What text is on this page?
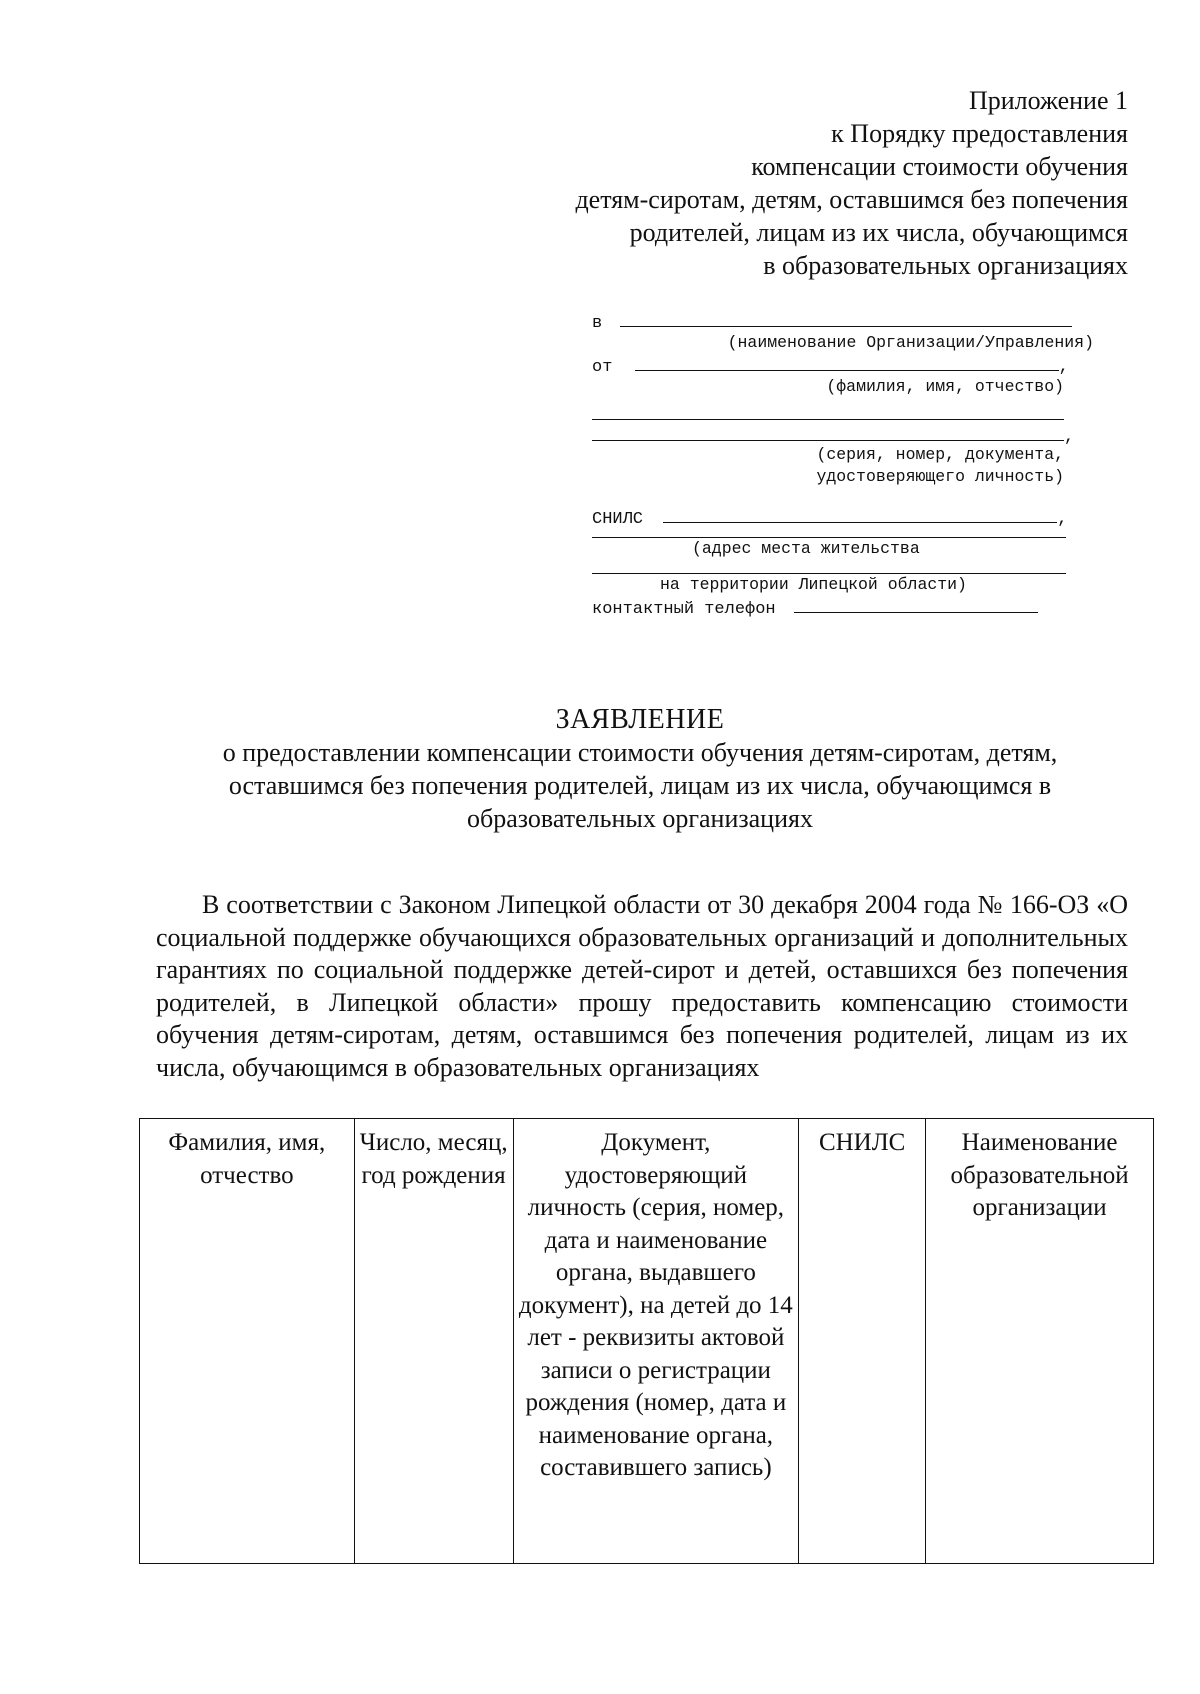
Приложение 1
к Порядку предоставления
компенсации стоимости обучения
детям-сиротам, детям, оставшимся без попечения
родителей, лицам из их числа, обучающимся
в образовательных организациях
в
(наименование Организации/Управления)
от	,
(фамилия, имя, отчество)
,
(серия, номер, документа,
удостоверяющего личность)
СНИЛС	,
(адрес места жительства
на территории Липецкой области)
контактный телефон
ЗАЯВЛЕНИЕ
о предоставлении компенсации стоимости обучения детям-сиротам, детям,
оставшимся без попечения родителей, лицам из их числа, обучающимся в
образовательных организациях
В соответствии с Законом Липецкой области от 30 декабря 2004 года № 166-ОЗ «О социальной поддержке обучающихся образовательных организаций и дополнительных гарантиях по социальной поддержке детей-сирот и детей, оставшихся без попечения родителей, в Липецкой области» прошу предоставить компенсацию стоимости обучения детям-сиротам, детям, оставшимся без попечения родителей, лицам из их числа, обучающимся в образовательных организациях
Фамилия, имя, отчество	Число, месяц, год рождения	Документ, удостоверяющий личность (серия, номер, дата и наименование органа, выдавшего документ), на детей до 14 лет - реквизиты актовой записи о регистрации рождения (номер, дата и наименование органа, составившего запись)	СНИЛС	Наименование образовательной организации
